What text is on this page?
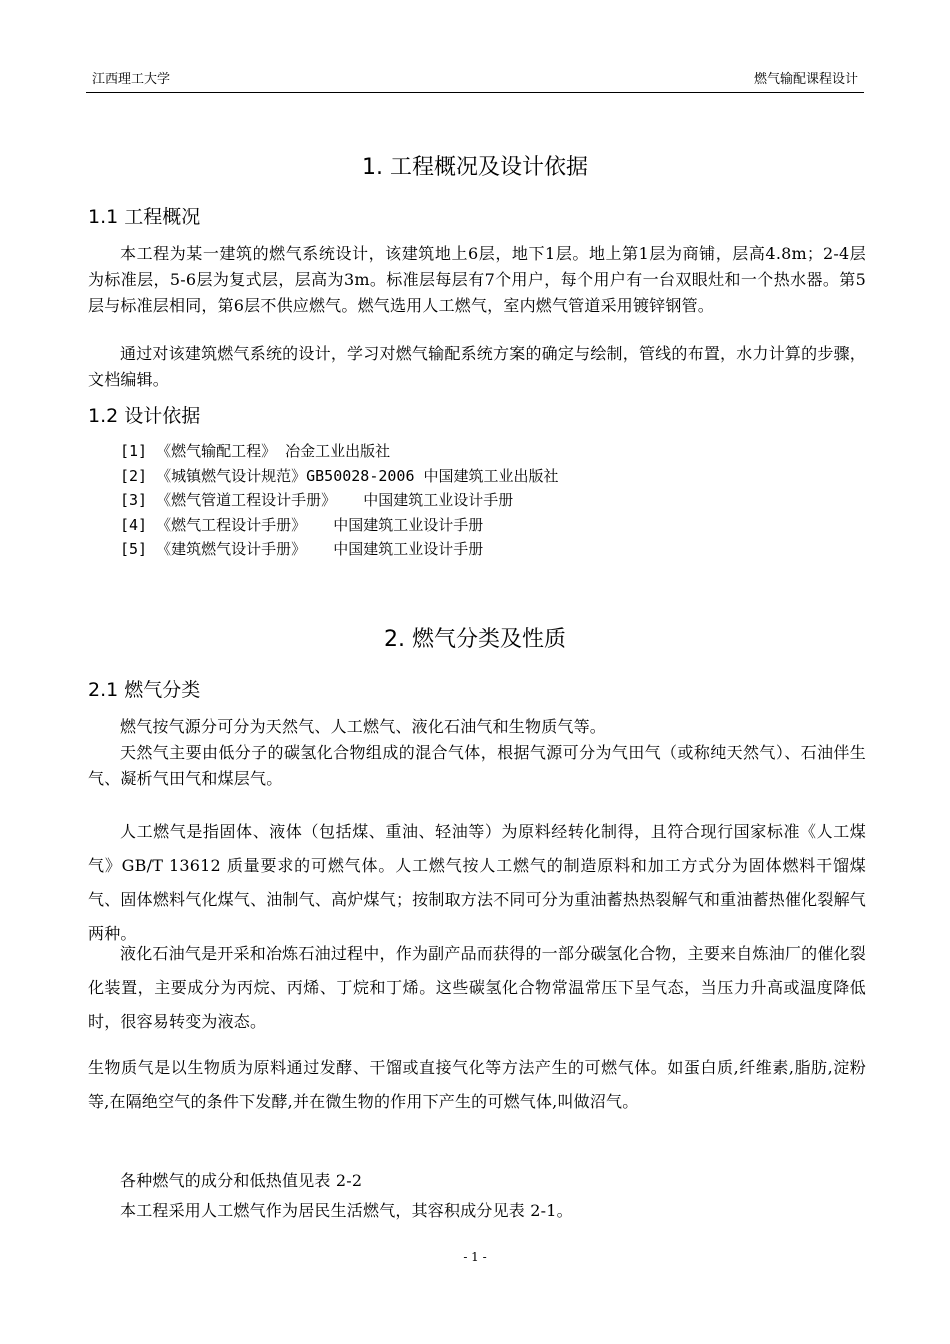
江西理工大学	燃气输配课程设计
1. 工程概况及设计依据
1.1 工程概况
本工程为某一建筑的燃气系统设计，该建筑地上6层，地下1层。地上第1层为商铺，层高4.8m；2-4层为标准层，5-6层为复式层，层高为3m。标准层每层有7个用户，每个用户有一台双眼灶和一个热水器。第5层与标准层相同，第6层不供应燃气。燃气选用人工燃气，室内燃气管道采用镀锌钢管。
通过对该建筑燃气系统的设计，学习对燃气输配系统方案的确定与绘制，管线的布置，水力计算的步骤，文档编辑。
1.2 设计依据
[1] 《燃气输配工程》 冶金工业出版社
[2] 《城镇燃气设计规范》GB50028-2006 中国建筑工业出版社
[3] 《燃气管道工程设计手册》   中国建筑工业设计手册
[4] 《燃气工程设计手册》   中国建筑工业设计手册
[5] 《建筑燃气设计手册》   中国建筑工业设计手册
2. 燃气分类及性质
2.1 燃气分类
燃气按气源分可分为天然气、人工燃气、液化石油气和生物质气等。
天然气主要由低分子的碳氢化合物组成的混合气体，根据气源可分为气田气（或称纯天然气）、石油伴生气、凝析气田气和煤层气。
人工燃气是指固体、液体（包括煤、重油、轻油等）为原料经转化制得，且符合现行国家标准《人工煤气》GB/T 13612 质量要求的可燃气体。人工燃气按人工燃气的制造原料和加工方式分为固体燃料干馏煤气、固体燃料气化煤气、油制气、高炉煤气；按制取方法不同可分为重油蓄热热裂解气和重油蓄热催化裂解气两种。
液化石油气是开采和冶炼石油过程中，作为副产品而获得的一部分碳氢化合物，主要来自炼油厂的催化裂化装置，主要成分为丙烷、丙烯、丁烷和丁烯。这些碳氢化合物常温常压下呈气态，当压力升高或温度降低时，很容易转变为液态。
生物质气是以生物质为原料通过发酵、干馏或直接气化等方法产生的可燃气体。如蛋白质,纤维素,脂肪,淀粉等,在隔绝空气的条件下发酵,并在微生物的作用下产生的可燃气体,叫做沼气。
各种燃气的成分和低热值见表 2-2
本工程采用人工燃气作为居民生活燃气，其容积成分见表 2-1。
- 1 -
